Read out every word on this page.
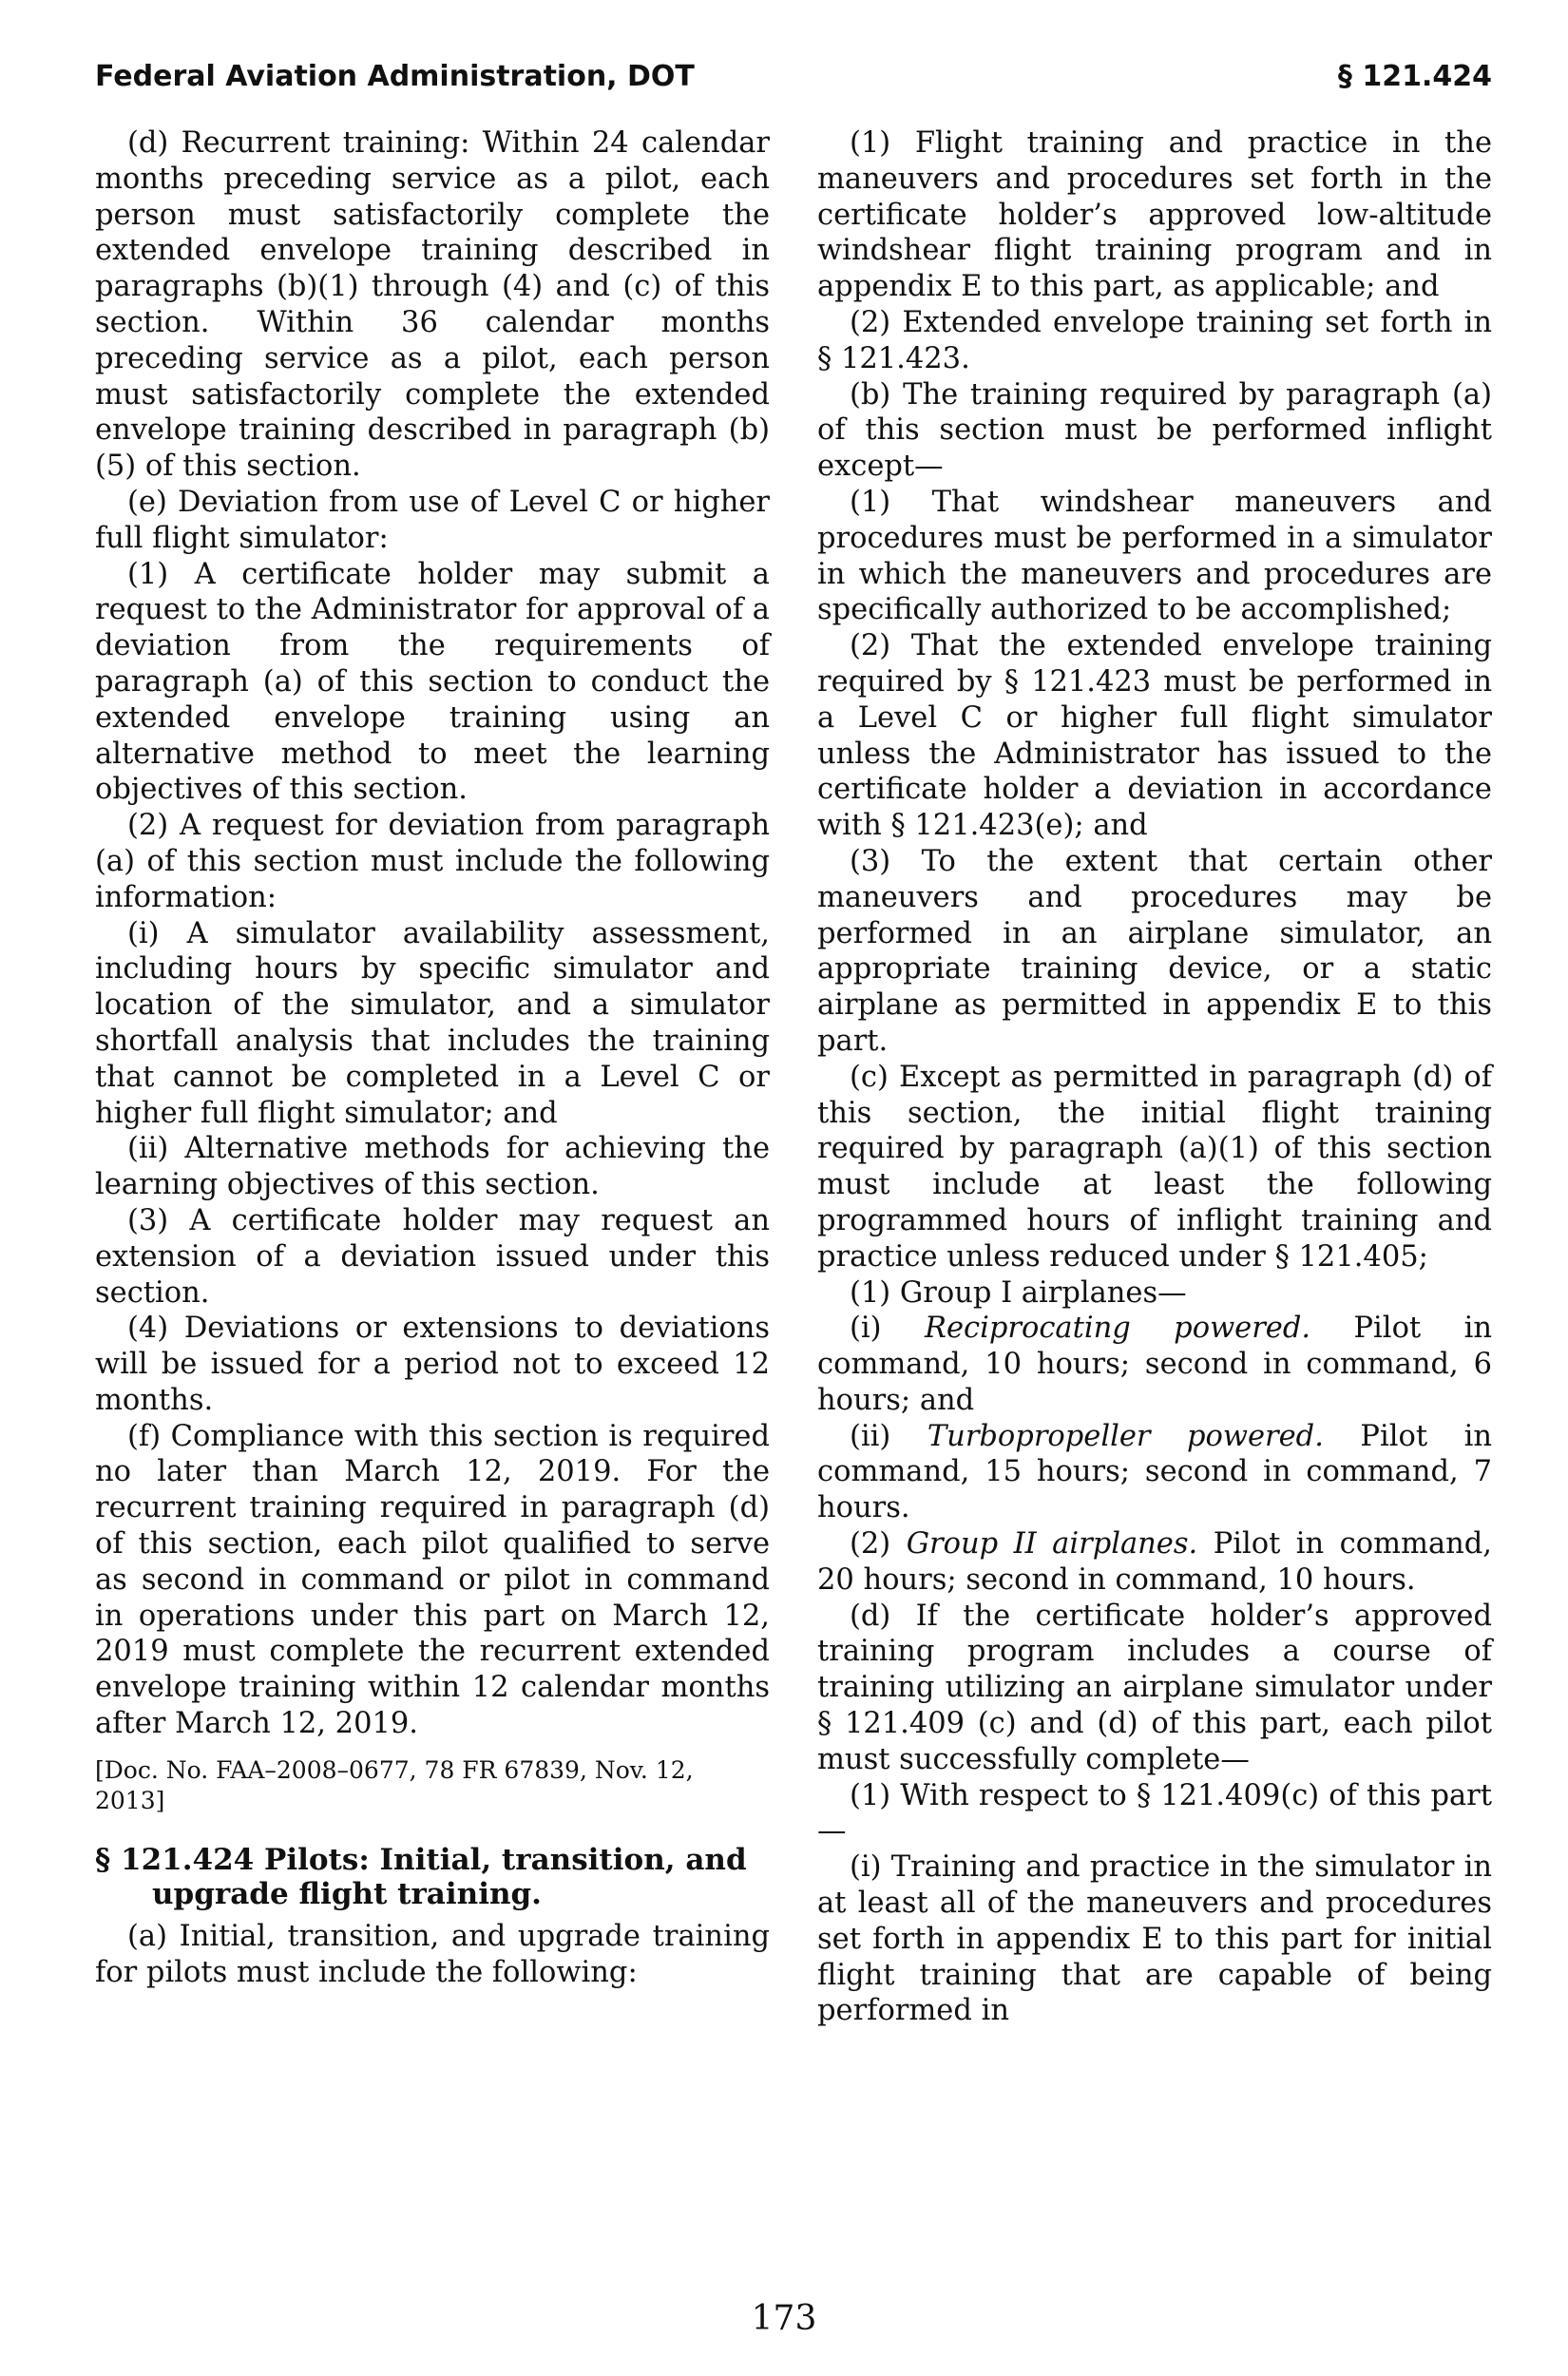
Federal Aviation Administration, DOT	§ 121.424

(d) Recurrent training: Within 24 calendar months preceding service as a pilot, each person must satisfactorily complete the extended envelope training described in paragraphs (b)(1) through (4) and (c) of this section. Within 36 calendar months preceding service as a pilot, each person must satisfactorily complete the extended envelope training described in paragraph (b)(5) of this section.

(e) Deviation from use of Level C or higher full flight simulator:

(1) A certificate holder may submit a request to the Administrator for approval of a deviation from the requirements of paragraph (a) of this section to conduct the extended envelope training using an alternative method to meet the learning objectives of this section.

(2) A request for deviation from paragraph (a) of this section must include the following information:

(i) A simulator availability assessment, including hours by specific simulator and location of the simulator, and a simulator shortfall analysis that includes the training that cannot be completed in a Level C or higher full flight simulator; and

(ii) Alternative methods for achieving the learning objectives of this section.

(3) A certificate holder may request an extension of a deviation issued under this section.

(4) Deviations or extensions to deviations will be issued for a period not to exceed 12 months.

(f) Compliance with this section is required no later than March 12, 2019. For the recurrent training required in paragraph (d) of this section, each pilot qualified to serve as second in command or pilot in command in operations under this part on March 12, 2019 must complete the recurrent extended envelope training within 12 calendar months after March 12, 2019.

[Doc. No. FAA–2008–0677, 78 FR 67839, Nov. 12, 2013]

§ 121.424 Pilots: Initial, transition, and upgrade flight training.

(a) Initial, transition, and upgrade training for pilots must include the following:

(1) Flight training and practice in the maneuvers and procedures set forth in the certificate holder’s approved low-altitude windshear flight training program and in appendix E to this part, as applicable; and

(2) Extended envelope training set forth in § 121.423.

(b) The training required by paragraph (a) of this section must be performed inflight except—

(1) That windshear maneuvers and procedures must be performed in a simulator in which the maneuvers and procedures are specifically authorized to be accomplished;

(2) That the extended envelope training required by § 121.423 must be performed in a Level C or higher full flight simulator unless the Administrator has issued to the certificate holder a deviation in accordance with § 121.423(e); and

(3) To the extent that certain other maneuvers and procedures may be performed in an airplane simulator, an appropriate training device, or a static airplane as permitted in appendix E to this part.

(c) Except as permitted in paragraph (d) of this section, the initial flight training required by paragraph (a)(1) of this section must include at least the following programmed hours of inflight training and practice unless reduced under § 121.405;

(1) Group I airplanes—

(i) Reciprocating powered. Pilot in command, 10 hours; second in command, 6 hours; and

(ii) Turbopropeller powered. Pilot in command, 15 hours; second in command, 7 hours.

(2) Group II airplanes. Pilot in command, 20 hours; second in command, 10 hours.

(d) If the certificate holder’s approved training program includes a course of training utilizing an airplane simulator under § 121.409 (c) and (d) of this part, each pilot must successfully complete—

(1) With respect to § 121.409(c) of this part—

(i) Training and practice in the simulator in at least all of the maneuvers and procedures set forth in appendix E to this part for initial flight training that are capable of being performed in

173
